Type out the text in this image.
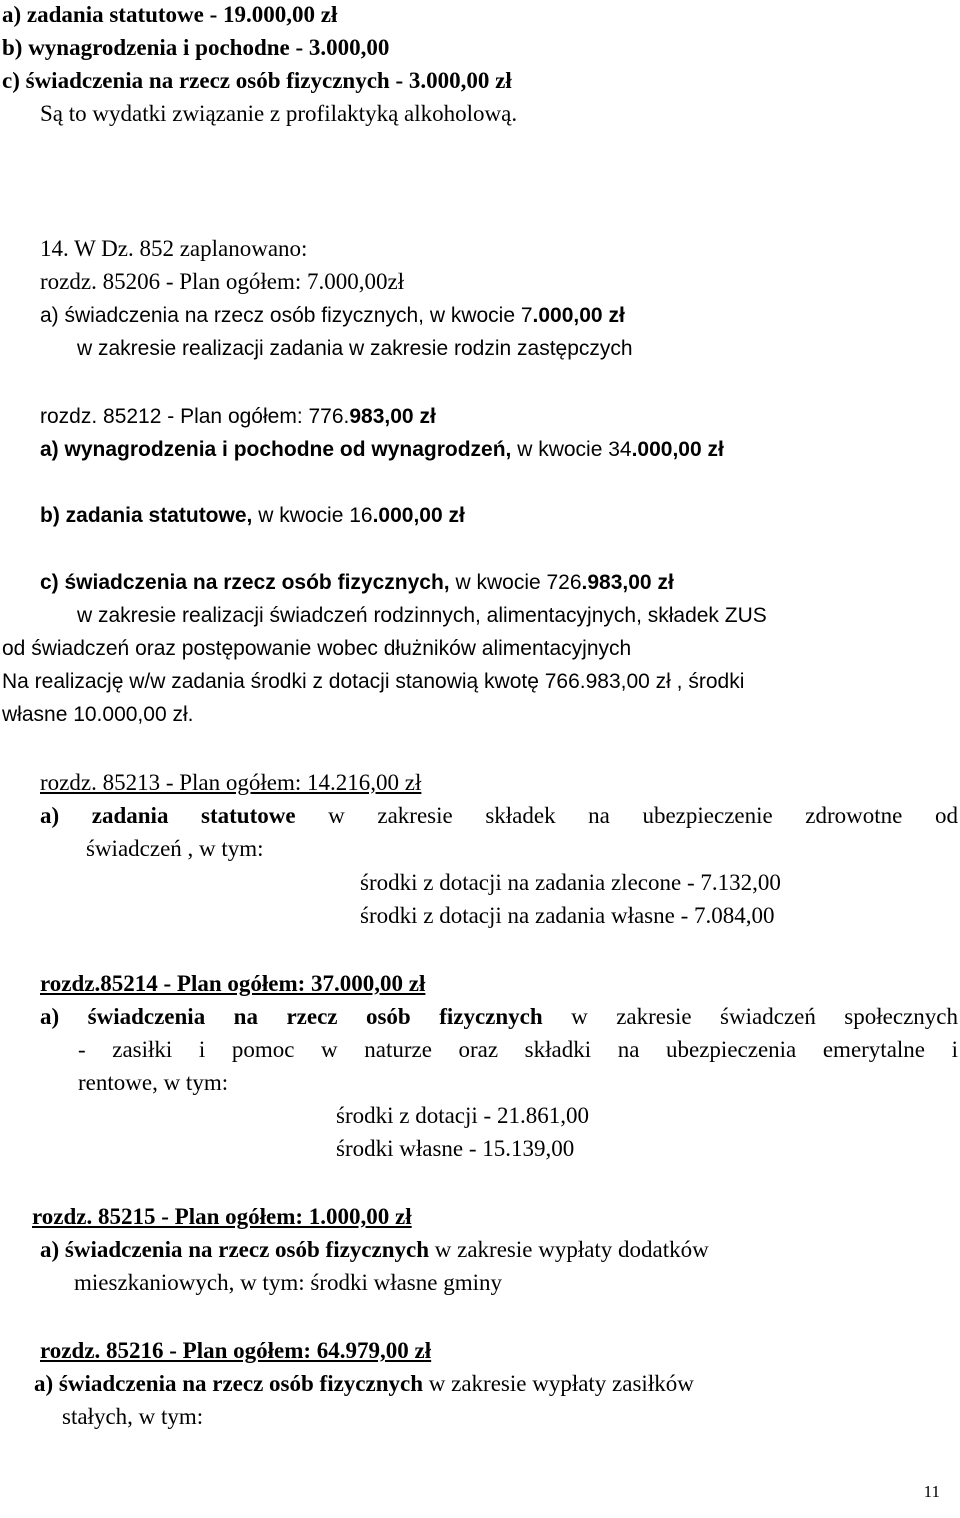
a) zadania statutowe - 19.000,00 zł
b) wynagrodzenia i pochodne - 3.000,00
c) świadczenia na rzecz osób fizycznych - 3.000,00 zł
Są to wydatki związanie z profilaktyką alkoholową.
14. W Dz. 852 zaplanowano:
rozdz. 85206 - Plan ogółem: 7.000,00zł
a) świadczenia na rzecz osób fizycznych, w kwocie 7.000,00 zł
w zakresie realizacji zadania w zakresie rodzin zastępczych
rozdz. 85212 - Plan ogółem: 776.983,00 zł
a) wynagrodzenia i pochodne od wynagrodzeń, w kwocie 34.000,00 zł
b) zadania statutowe, w kwocie 16.000,00 zł
c) świadczenia na rzecz osób fizycznych, w kwocie 726.983,00 zł
w zakresie realizacji świadczeń rodzinnych, alimentacyjnych, składek ZUS
od świadczeń oraz postępowanie wobec dłużników alimentacyjnych
Na realizację w/w zadania środki z dotacji stanowią kwotę 766.983,00 zł , środki
własne 10.000,00 zł.
rozdz. 85213 - Plan ogółem: 14.216,00 zł
a) zadania statutowe w zakresie składek na ubezpieczenie zdrowotne od
świadczeń , w tym:
środki z dotacji na zadania zlecone - 7.132,00
środki z dotacji na zadania własne - 7.084,00
rozdz.85214 - Plan ogółem: 37.000,00 zł
a) świadczenia na rzecz osób fizycznych w zakresie świadczeń społecznych
- zasiłki i pomoc w naturze oraz składki na ubezpieczenia emerytalne i
rentowe, w tym:
środki z dotacji - 21.861,00
środki własne - 15.139,00
rozdz. 85215 - Plan ogółem: 1.000,00 zł
a) świadczenia na rzecz osób fizycznych w zakresie wypłaty dodatków
mieszkaniowych, w tym: środki własne gminy
rozdz. 85216 - Plan ogółem: 64.979,00 zł
a) świadczenia na rzecz osób fizycznych w zakresie wypłaty zasiłków
stałych, w tym:
11
